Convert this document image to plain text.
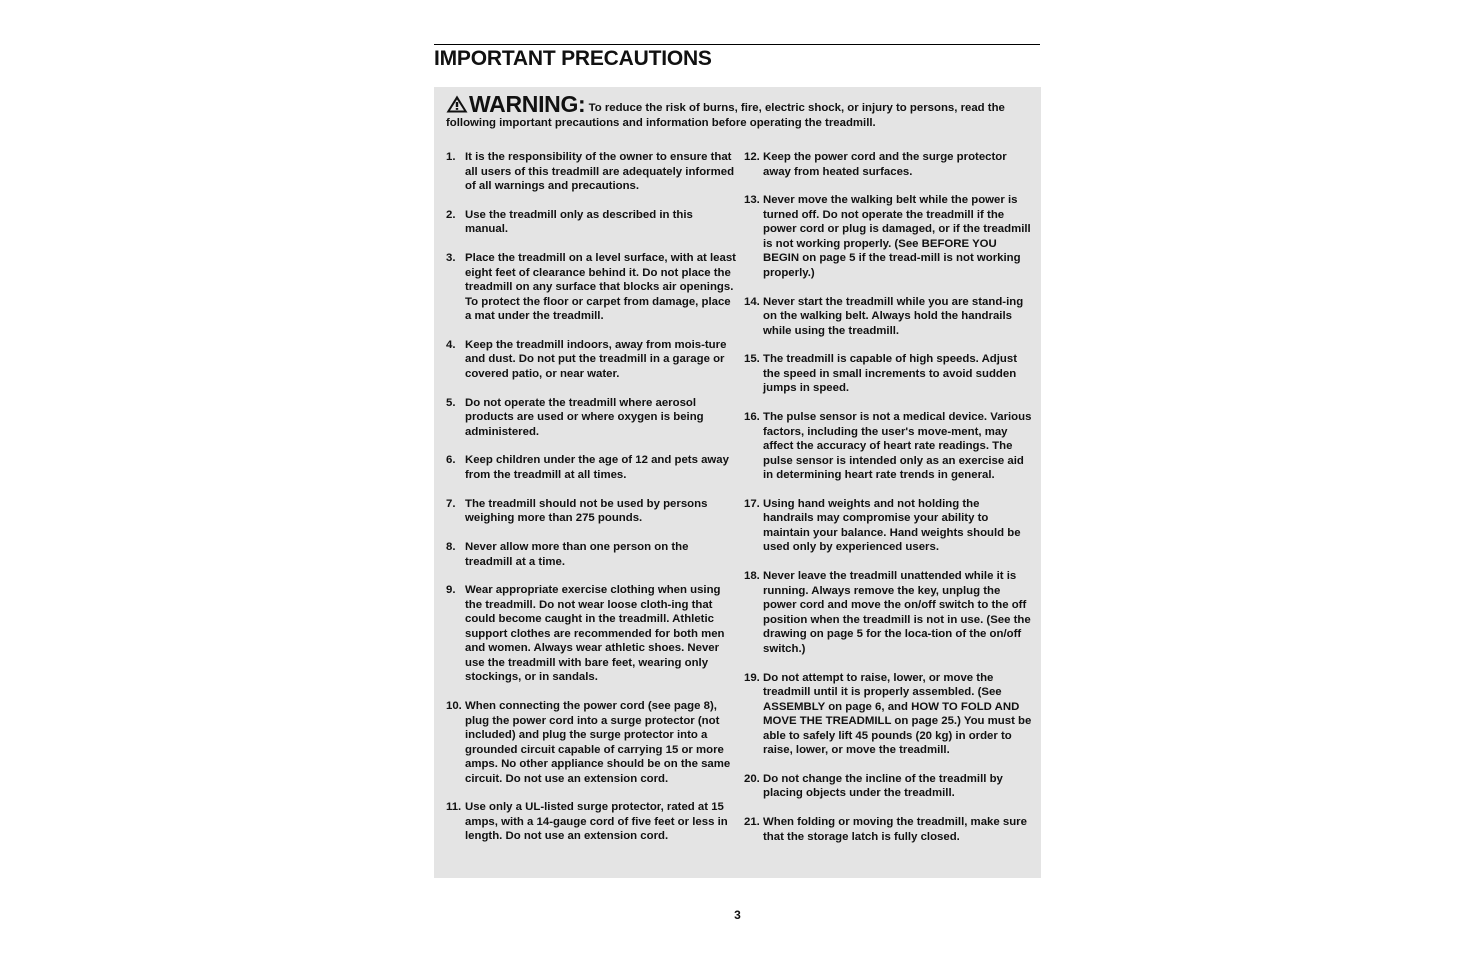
IMPORTANT PRECAUTIONS
WARNING: To reduce the risk of burns, fire, electric shock, or injury to persons, read the following important precautions and information before operating the treadmill.
1. It is the responsibility of the owner to ensure that all users of this treadmill are adequately informed of all warnings and precautions.
2. Use the treadmill only as described in this manual.
3. Place the treadmill on a level surface, with at least eight feet of clearance behind it. Do not place the treadmill on any surface that blocks air openings. To protect the floor or carpet from damage, place a mat under the treadmill.
4. Keep the treadmill indoors, away from mois-ture and dust. Do not put the treadmill in a garage or covered patio, or near water.
5. Do not operate the treadmill where aerosol products are used or where oxygen is being administered.
6. Keep children under the age of 12 and pets away from the treadmill at all times.
7. The treadmill should not be used by persons weighing more than 275 pounds.
8. Never allow more than one person on the treadmill at a time.
9. Wear appropriate exercise clothing when using the treadmill. Do not wear loose cloth-ing that could become caught in the treadmill. Athletic support clothes are recommended for both men and women. Always wear athletic shoes. Never use the treadmill with bare feet, wearing only stockings, or in sandals.
10. When connecting the power cord (see page 8), plug the power cord into a surge protector (not included) and plug the surge protector into a grounded circuit capable of carrying 15 or more amps. No other appliance should be on the same circuit. Do not use an extension cord.
11. Use only a UL-listed surge protector, rated at 15 amps, with a 14-gauge cord of five feet or less in length. Do not use an extension cord.
12. Keep the power cord and the surge protector away from heated surfaces.
13. Never move the walking belt while the power is turned off. Do not operate the treadmill if the power cord or plug is damaged, or if the treadmill is not working properly. (See BEFORE YOU BEGIN on page 5 if the tread-mill is not working properly.)
14. Never start the treadmill while you are stand-ing on the walking belt. Always hold the handrails while using the treadmill.
15. The treadmill is capable of high speeds. Adjust the speed in small increments to avoid sudden jumps in speed.
16. The pulse sensor is not a medical device. Various factors, including the user's move-ment, may affect the accuracy of heart rate readings. The pulse sensor is intended only as an exercise aid in determining heart rate trends in general.
17. Using hand weights and not holding the handrails may compromise your ability to maintain your balance. Hand weights should be used only by experienced users.
18. Never leave the treadmill unattended while it is running. Always remove the key, unplug the power cord and move the on/off switch to the off position when the treadmill is not in use. (See the drawing on page 5 for the loca-tion of the on/off switch.)
19. Do not attempt to raise, lower, or move the treadmill until it is properly assembled. (See ASSEMBLY on page 6, and HOW TO FOLD AND MOVE THE TREADMILL on page 25.) You must be able to safely lift 45 pounds (20 kg) in order to raise, lower, or move the treadmill.
20. Do not change the incline of the treadmill by placing objects under the treadmill.
21. When folding or moving the treadmill, make sure that the storage latch is fully closed.
3
